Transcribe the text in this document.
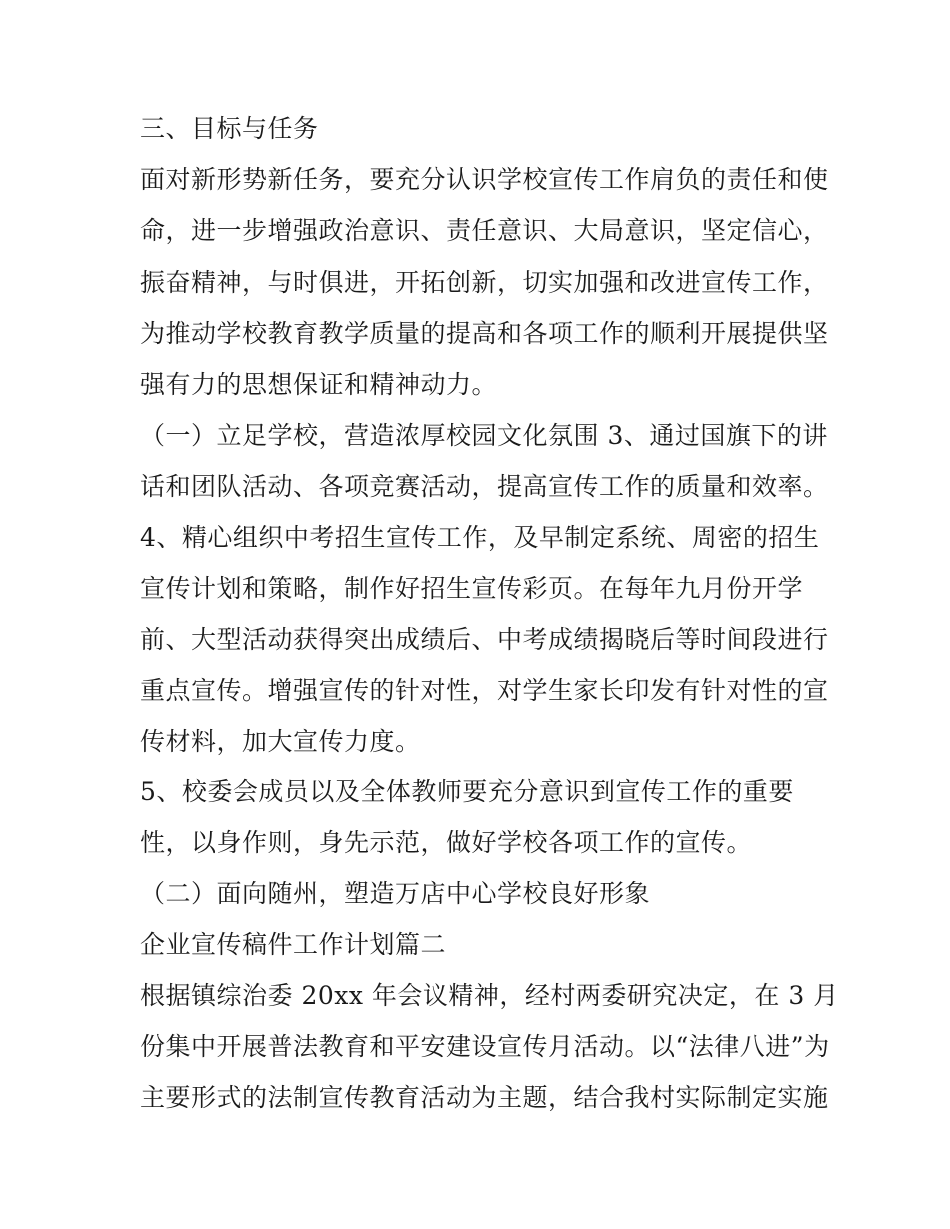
三、目标与任务
面对新形势新任务，要充分认识学校宣传工作肩负的责任和使
命，进一步增强政治意识、责任意识、大局意识，坚定信心，
振奋精神，与时俱进，开拓创新，切实加强和改进宣传工作，
为推动学校教育教学质量的提高和各项工作的顺利开展提供坚
强有力的思想保证和精神动力。
（一）立足学校，营造浓厚校园文化氛围 3、通过国旗下的讲
话和团队活动、各项竞赛活动，提高宣传工作的质量和效率。
4、精心组织中考招生宣传工作，及早制定系统、周密的招生
宣传计划和策略，制作好招生宣传彩页。在每年九月份开学
前、大型活动获得突出成绩后、中考成绩揭晓后等时间段进行
重点宣传。增强宣传的针对性，对学生家长印发有针对性的宣
传材料，加大宣传力度。
5、校委会成员以及全体教师要充分意识到宣传工作的重要
性，以身作则，身先示范，做好学校各项工作的宣传。
（二）面向随州，塑造万店中心学校良好形象
企业宣传稿件工作计划篇二
根据镇综治委 20xx 年会议精神，经村两委研究决定，在 3 月
份集中开展普法教育和平安建设宣传月活动。以“法律八进”为
主要形式的法制宣传教育活动为主题，结合我村实际制定实施
